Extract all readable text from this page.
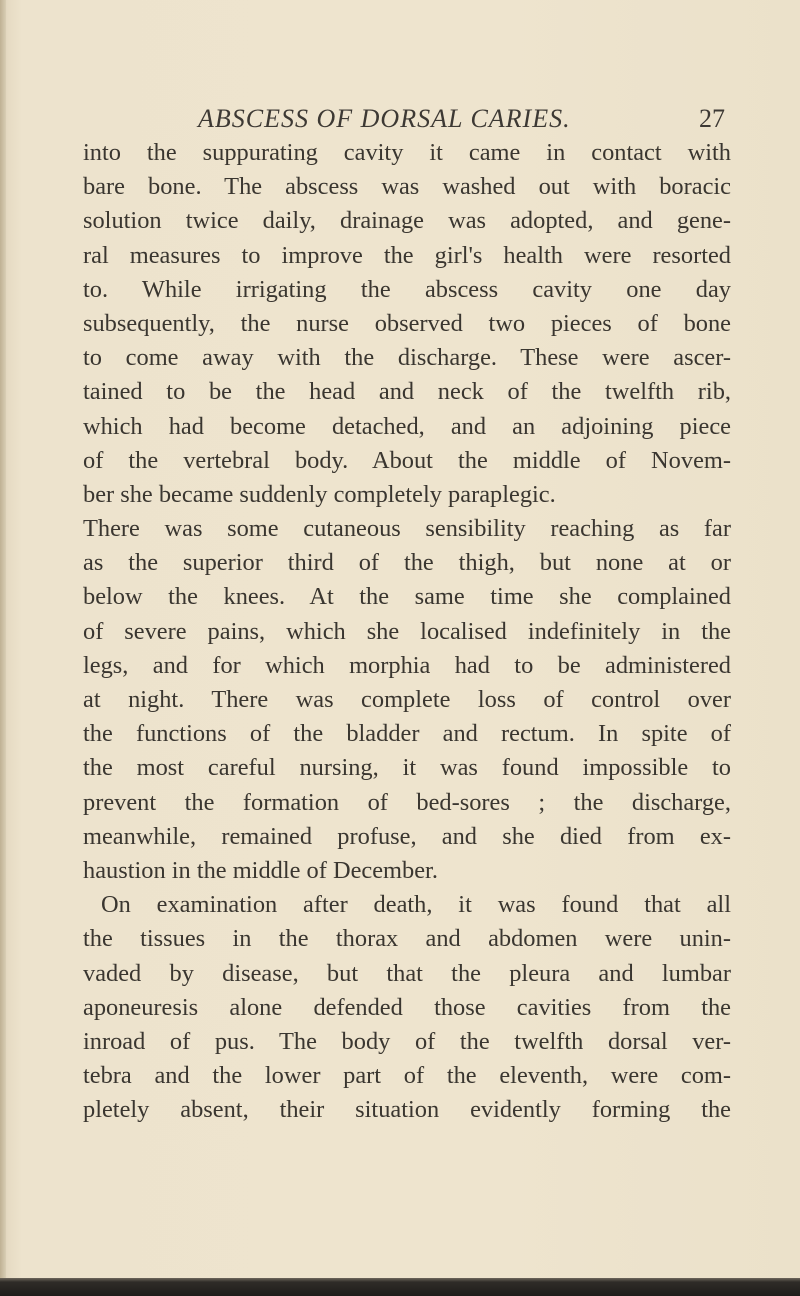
ABSCESS OF DORSAL CARIES.	27
into the suppurating cavity it came in contact with
bare bone. The abscess was washed out with boracic
solution twice daily, drainage was adopted, and gene-
ral measures to improve the girl's health were resorted
to. While irrigating the abscess cavity one day
subsequently, the nurse observed two pieces of bone
to come away with the discharge. These were ascer-
tained to be the head and neck of the twelfth rib,
which had become detached, and an adjoining piece
of the vertebral body. About the middle of Novem-
ber she became suddenly completely paraplegic.
There was some cutaneous sensibility reaching as far
as the superior third of the thigh, but none at or
below the knees. At the same time she complained
of severe pains, which she localised indefinitely in the
legs, and for which morphia had to be administered
at night. There was complete loss of control over
the functions of the bladder and rectum. In spite of
the most careful nursing, it was found impossible to
prevent the formation of bed-sores ; the discharge,
meanwhile, remained profuse, and she died from ex-
haustion in the middle of December.
On examination after death, it was found that all
the tissues in the thorax and abdomen were unin-
vaded by disease, but that the pleura and lumbar
aponeuresis alone defended those cavities from the
inroad of pus. The body of the twelfth dorsal ver-
tebra and the lower part of the eleventh, were com-
pletely absent, their situation evidently forming the
